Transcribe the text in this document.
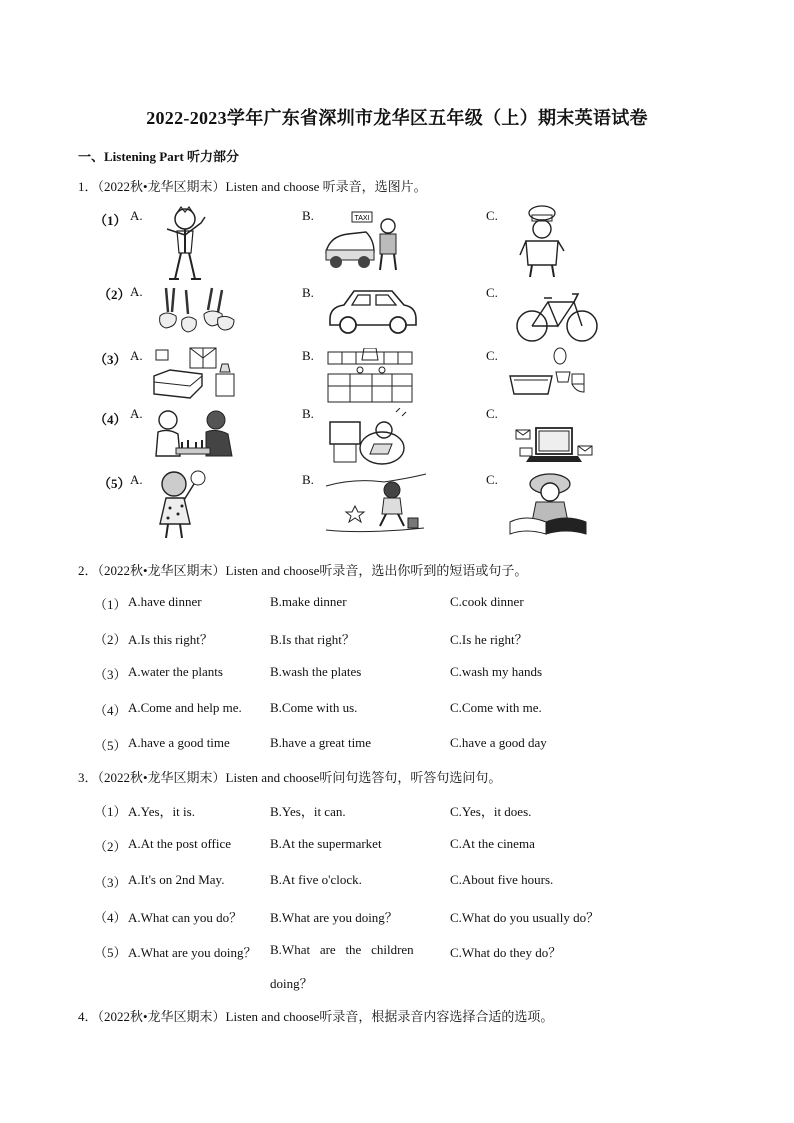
2022-2023学年广东省深圳市龙华区五年级（上）期末英语试卷
一、Listening Part 听力部分
1．（2022秋•龙华区期末）Listen and choose 听录音，选图片。
（1） A.	B.	C.
TAXI
（2） A.	B.	C.
（3） A.	B.	C.
（4） A.	B.	C.
（5） A.	B.	C.
2．（2022秋•龙华区期末）Listen and choose听录音，选出你听到的短语或句子。
（1） A.have dinner	B.make dinner	C.cook dinner
（2） A.Is this right？	B.Is that right？	C.Is he right？
（3） A.water the plants	B.wash the plates	C.wash my hands
（4） A.Come and help me. B.Come with us.	C.Come with me.
（5） A.have a good time	B.have a great time	C.have a good day
3．（2022秋•龙华区期末）Listen and choose听问句选答句，听答句选问句。
（1） A.Yes，it is.	B.Yes，it can.	C.Yes，it does.
（2） A.At the post office	B.At the supermarket	C.At the cinema
（3） A.It's on 2nd May.	B.At five o'clock.	C.About five hours.
（4） A.What can you do？ B.What are you doing？	C.What do you usually do？
（5） A.What are you doing？ B.What   are   the   children
doing？
C.What do they do？
4．（2022秋•龙华区期末）Listen and choose听录音，根据录音内容选择合适的选项。
